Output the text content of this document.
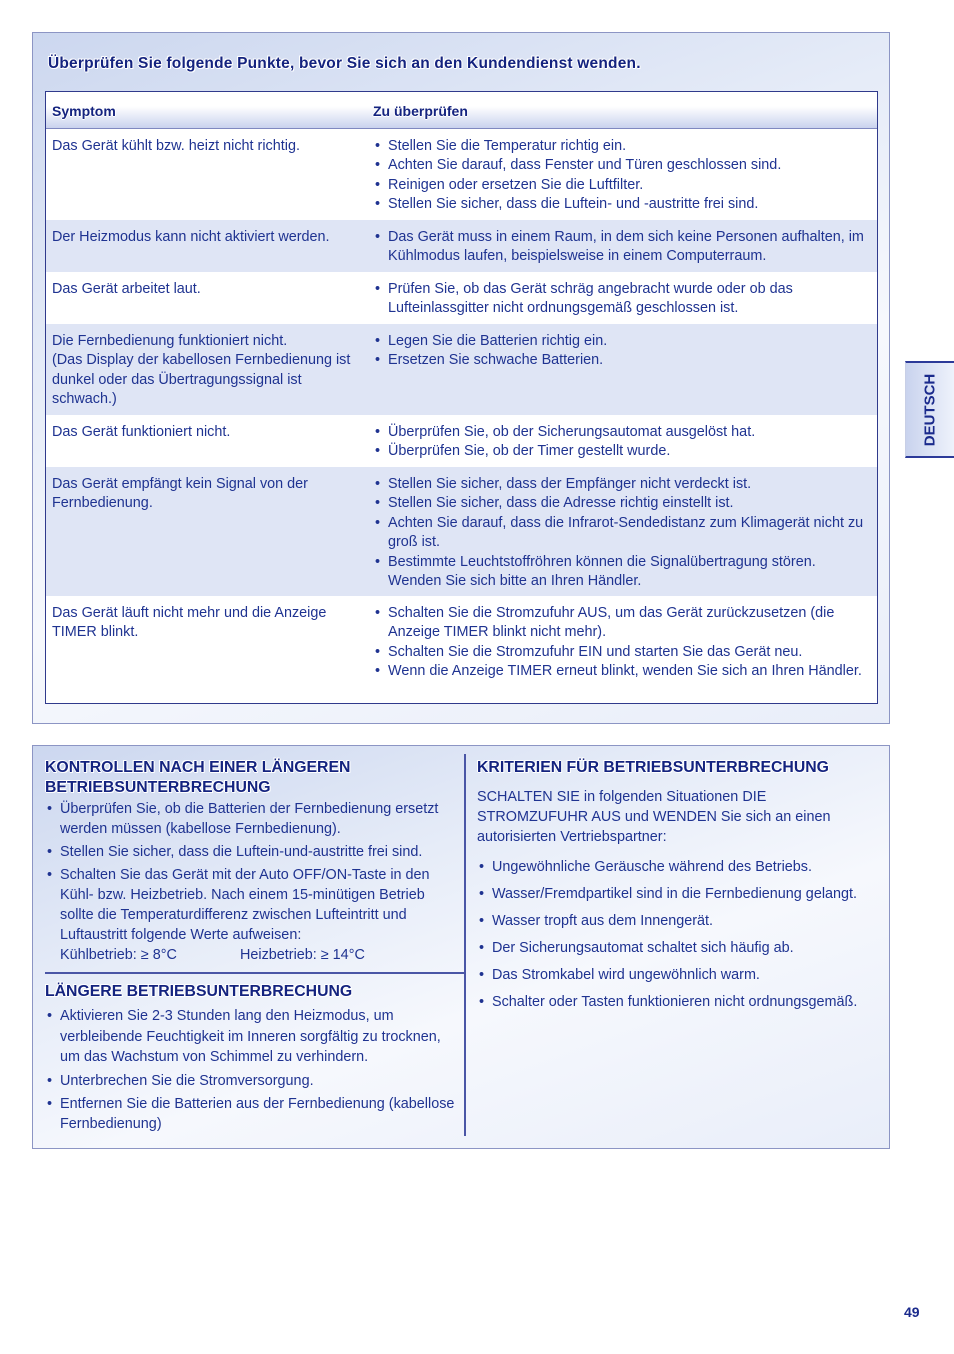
Überprüfen Sie folgende Punkte, bevor Sie sich an den Kundendienst wenden.
Symptom	Zu überprüfen
Das Gerät kühlt bzw. heizt nicht richtig.	• Stellen Sie die Temperatur richtig ein.
• Achten Sie darauf, dass Fenster und Türen geschlossen sind.
• Reinigen oder ersetzen Sie die Luftfilter.
• Stellen Sie sicher, dass die Luftein- und -austritte frei sind.
Der Heizmodus kann nicht aktiviert werden.	• Das Gerät muss in einem Raum, in dem sich keine Personen aufhalten, im Kühlmodus laufen, beispielsweise in einem Computerraum.
Das Gerät arbeitet laut.	• Prüfen Sie, ob das Gerät schräg angebracht wurde oder ob das Lufteinlassgitter nicht ordnungsgemäß geschlossen ist.
Die Fernbedienung funktioniert nicht.
(Das Display der kabellosen Fernbedienung ist dunkel oder das Übertragungssignal ist schwach.)
• Legen Sie die Batterien richtig ein.
• Ersetzen Sie schwache Batterien.
Das Gerät funktioniert nicht.	• Überprüfen Sie, ob der Sicherungsautomat ausgelöst hat.
• Überprüfen Sie, ob der Timer gestellt wurde.
Das Gerät empfängt kein Signal von der Fernbedienung.
• Stellen Sie sicher, dass der Empfänger nicht verdeckt ist.
• Stellen Sie sicher, dass die Adresse richtig einstellt ist.
• Achten Sie darauf, dass die Infrarot-Sendedistanz zum Klimagerät nicht zu groß ist.
• Bestimmte Leuchtstoffröhren können die Signalübertragung stören. Wenden Sie sich bitte an Ihren Händler.
Das Gerät läuft nicht mehr und die Anzeige TIMER blinkt.
• Schalten Sie die Stromzufuhr AUS, um das Gerät zurückzusetzen (die Anzeige TIMER blinkt nicht mehr).
• Schalten Sie die Stromzufuhr EIN und starten Sie das Gerät neu.
• Wenn die Anzeige TIMER erneut blinkt, wenden Sie sich an Ihren Händler.
KONTROLLEN NACH EINER LÄNGEREN BETRIEBSUNTERBRECHUNG
• Überprüfen Sie, ob die Batterien der Fernbedienung ersetzt werden müssen (kabellose Fernbedienung).
• Stellen Sie sicher, dass die Luftein-und-austritte frei sind.
• Schalten Sie das Gerät mit der Auto OFF/ON-Taste in den Kühl- bzw. Heizbetrieb. Nach einem 15-minütigen Betrieb sollte die Temperaturdifferenz zwischen Lufteintritt und Luftaustritt folgende Werte aufweisen:
Kühlbetrieb: ≥ 8°C	Heizbetrieb: ≥ 14°C
LÄNGERE BETRIEBSUNTERBRECHUNG
• Aktivieren Sie 2-3 Stunden lang den Heizmodus, um verbleibende Feuchtigkeit im Inneren sorgfältig zu trocknen, um das Wachstum von Schimmel zu verhindern.
• Unterbrechen Sie die Stromversorgung.
• Entfernen Sie die Batterien aus der Fernbedienung (kabellose Fernbedienung)
KRITERIEN FÜR BETRIEBSUNTERBRECHUNG
SCHALTEN SIE in folgenden Situationen DIE STROMZUFUHR AUS und WENDEN Sie sich an einen autorisierten Vertriebspartner:
• Ungewöhnliche Geräusche während des Betriebs.
• Wasser/Fremdpartikel sind in die Fernbedienung gelangt.
• Wasser tropft aus dem Innengerät.
• Der Sicherungsautomat schaltet sich häufig ab.
• Das Stromkabel wird ungewöhnlich warm.
• Schalter oder Tasten funktionieren nicht ordnungsgemäß.
DEUTSCH
49
